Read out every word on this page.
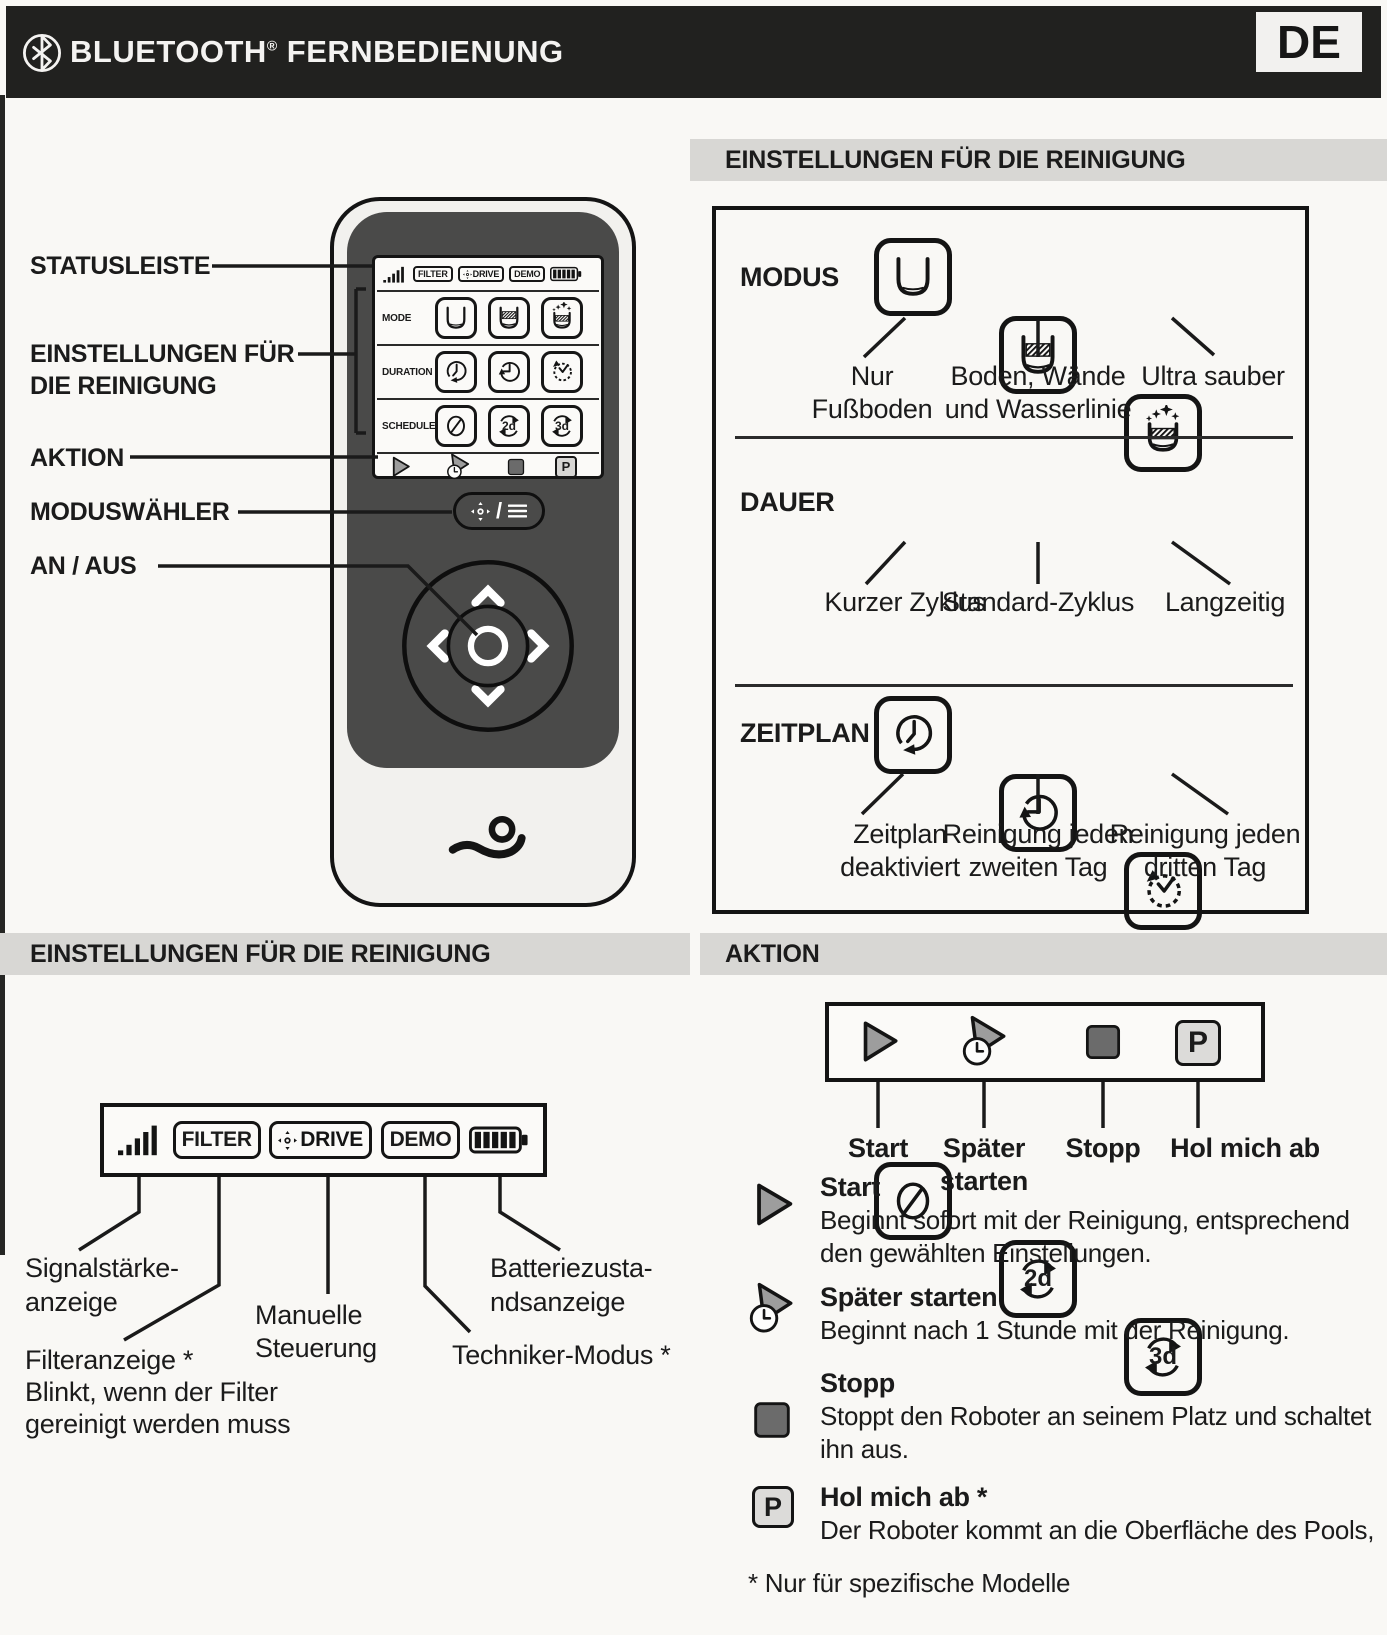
BLUETOOTH® FERNBEDIENUNG	DE
STATUSLEISTE
EINSTELLUNGEN FÜR
DIE REINIGUNG
AKTION
MODUSWÄHLER
AN / AUS
FILTER	DRIVE	DEMO
MODE
DURATION
SCHEDULE	2d	3d
P
/
EINSTELLUNGEN FÜR DIE REINIGUNG
MODUS
Nur
Fußboden
Boden, Wände
und Wasserlinie
Ultra sauber
DAUER
Kurzer Zyklus
Standard-Zyklus	Langzeitig
ZEITPLAN
2d
3d
Zeitplan
deaktiviert
Reinigung jeden
zweiten Tag
Reinigung jeden
dritten Tag
EINSTELLUNGEN FÜR DIE REINIGUNG
FILTER	DRIVE	DEMO
Signalstärke-
anzeige
Filteranzeige *
Blinkt, wenn der Filter
gereinigt werden muss
Manuelle
Steuerung	Techniker-Modus *
Batteriezusta-
ndsanzeige
AKTION
P
Start Später
starten
Stopp Hol mich ab
Start
Beginnt sofort mit der Reinigung, entsprechend
den gewählten Einstellungen.
Später starten
Beginnt nach 1 Stunde mit der Reinigung.
Stopp
Stoppt den Roboter an seinem Platz und schaltet
ihn aus.
P	Hol mich ab *
Der Roboter kommt an die Oberfläche des Pools,
* Nur für spezifische Modelle
